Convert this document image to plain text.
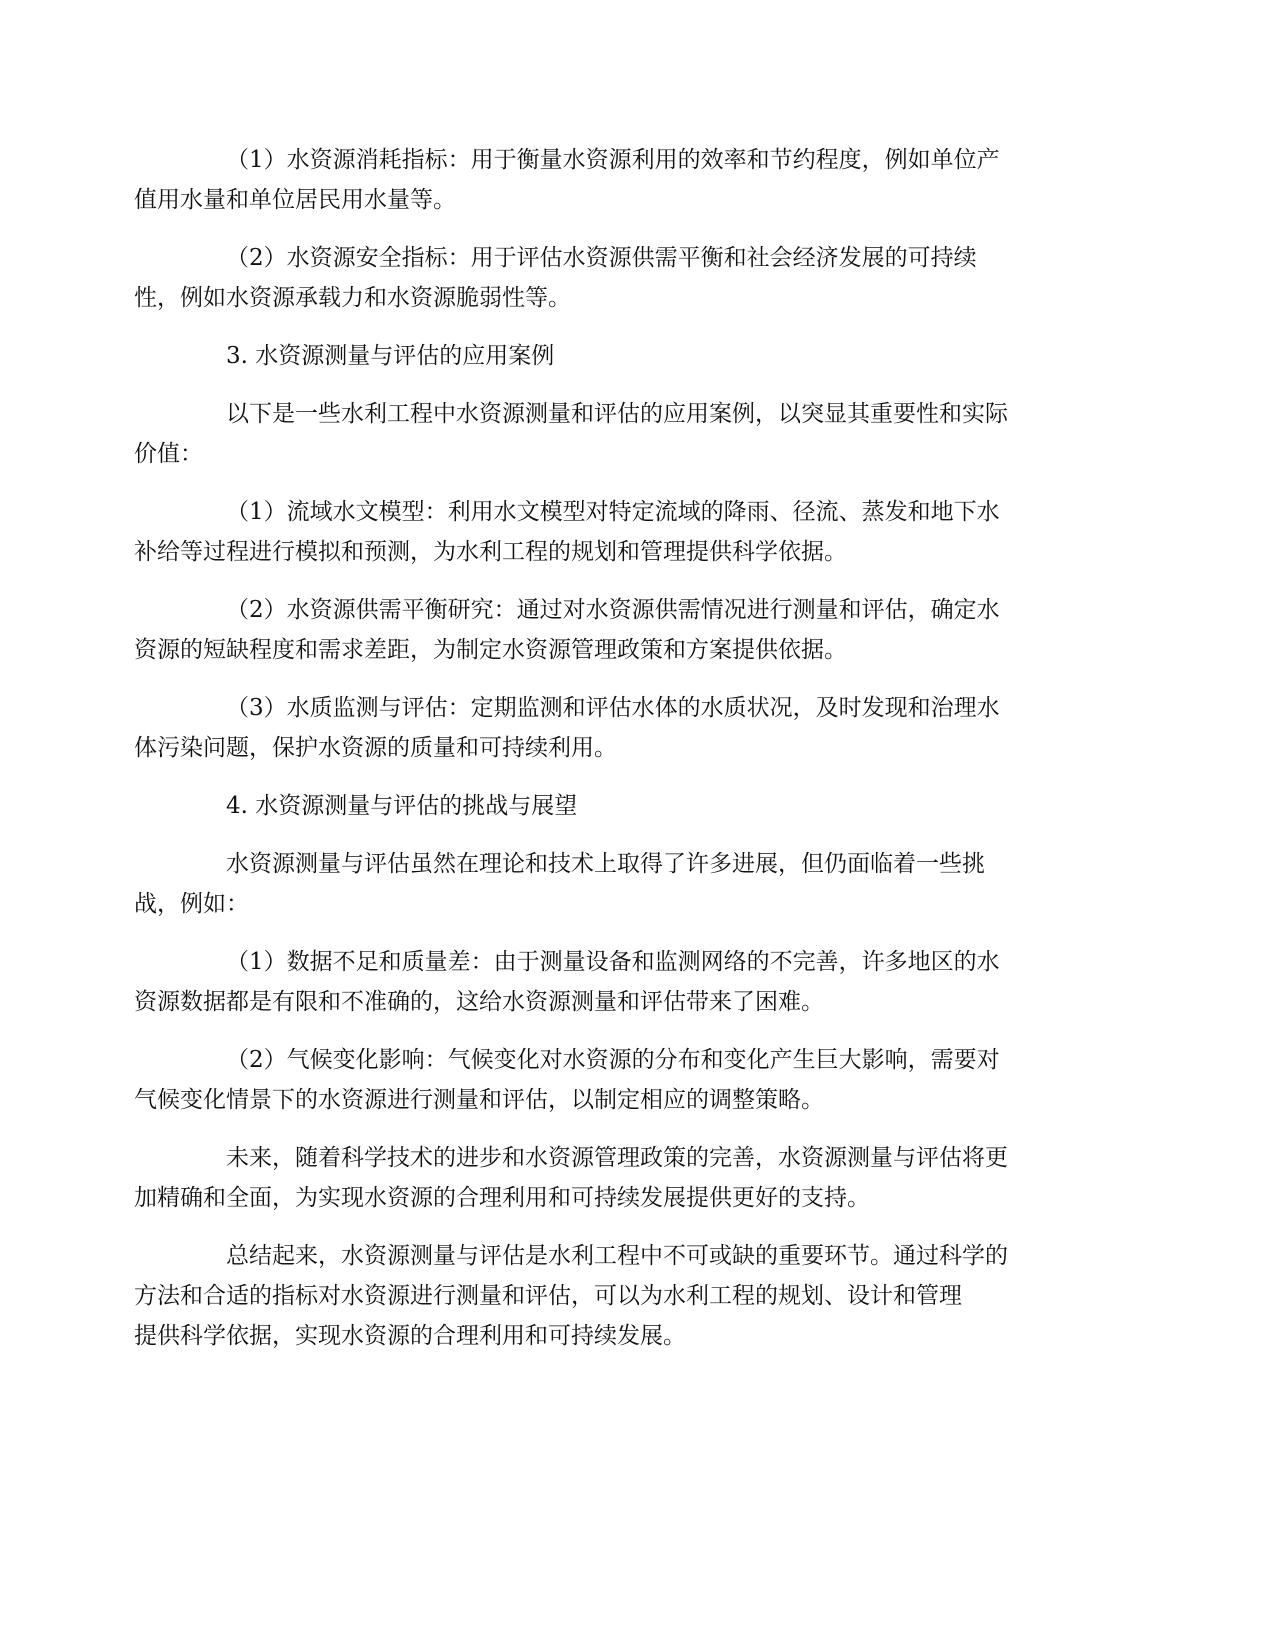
（1）水资源消耗指标：用于衡量水资源利用的效率和节约程度，例如单位产
值用水量和单位居民用水量等。

（2）水资源安全指标：用于评估水资源供需平衡和社会经济发展的可持续
性，例如水资源承载力和水资源脆弱性等。

3. 水资源测量与评估的应用案例

以下是一些水利工程中水资源测量和评估的应用案例，以突显其重要性和实际
价值：

（1）流域水文模型：利用水文模型对特定流域的降雨、径流、蒸发和地下水
补给等过程进行模拟和预测，为水利工程的规划和管理提供科学依据。

（2）水资源供需平衡研究：通过对水资源供需情况进行测量和评估，确定水
资源的短缺程度和需求差距，为制定水资源管理政策和方案提供依据。

（3）水质监测与评估：定期监测和评估水体的水质状况，及时发现和治理水
体污染问题，保护水资源的质量和可持续利用。

4. 水资源测量与评估的挑战与展望

水资源测量与评估虽然在理论和技术上取得了许多进展，但仍面临着一些挑
战，例如：

（1）数据不足和质量差：由于测量设备和监测网络的不完善，许多地区的水
资源数据都是有限和不准确的，这给水资源测量和评估带来了困难。

（2）气候变化影响：气候变化对水资源的分布和变化产生巨大影响，需要对
气候变化情景下的水资源进行测量和评估，以制定相应的调整策略。

未来，随着科学技术的进步和水资源管理政策的完善，水资源测量与评估将更
加精确和全面，为实现水资源的合理利用和可持续发展提供更好的支持。

总结起来，水资源测量与评估是水利工程中不可或缺的重要环节。通过科学的
方法和合适的指标对水资源进行测量和评估，可以为水利工程的规划、设计和管理
提供科学依据，实现水资源的合理利用和可持续发展。
